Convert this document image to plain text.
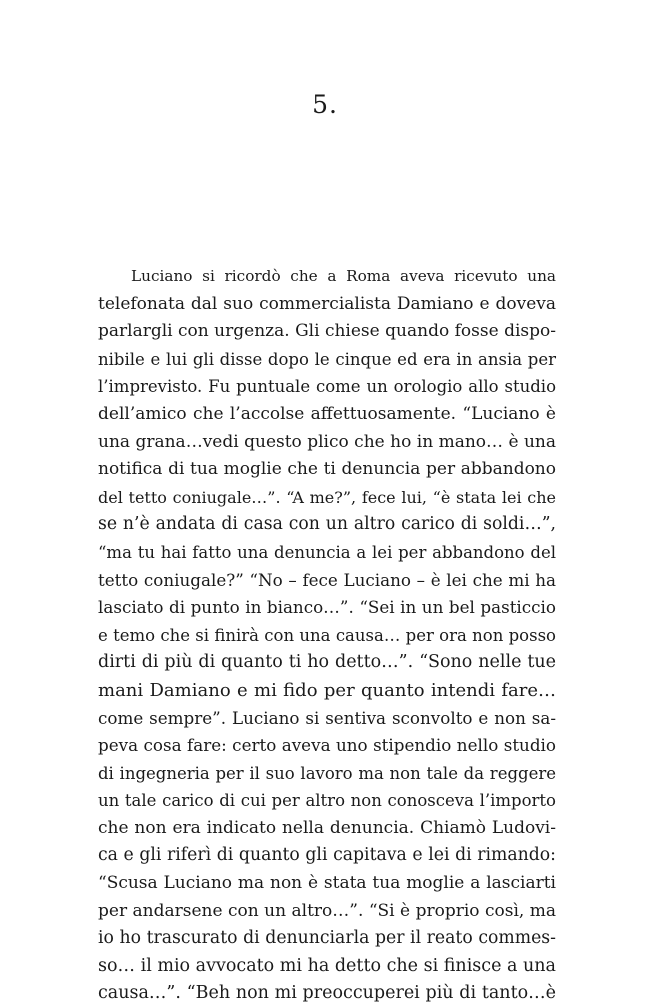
5.
Luciano si ricordò che a Roma aveva ricevuto una
telefonata dal suo commercialista Damiano e doveva
parlargli con urgenza. Gli chiese quando fosse dispo-
nibile e lui gli disse dopo le cinque ed era in ansia per
l’imprevisto. Fu puntuale come un orologio allo studio
dell’amico che l’accolse affettuosamente. “Luciano è
una grana…vedi questo plico che ho in mano… è una
notifica di tua moglie che ti denuncia per abbandono
del tetto coniugale…”. “A me?”, fece lui, “è stata lei che
se n’è andata di casa con un altro carico di soldi…”,
“ma tu hai fatto una denuncia a lei per abbandono del
tetto coniugale?” “No – fece Luciano – è lei che mi ha
lasciato di punto in bianco…”. “Sei in un bel pasticcio
e temo che si finirà con una causa… per ora non posso
dirti di più di quanto ti ho detto…”. “Sono nelle tue
mani Damiano e mi fido per quanto intendi fare…
come sempre”. Luciano si sentiva sconvolto e non sa-
peva cosa fare: certo aveva uno stipendio nello studio
di ingegneria per il suo lavoro ma non tale da reggere
un tale carico di cui per altro non conosceva l’importo
che non era indicato nella denuncia. Chiamò Ludovi-
ca e gli riferì di quanto gli capitava e lei di rimando:
“Scusa Luciano ma non è stata tua moglie a lasciarti
per andarsene con un altro…”. “Si è proprio così, ma
io ho trascurato di denunciarla per il reato commes-
so… il mio avvocato mi ha detto che si finisce a una
causa…”. “Beh non mi preoccuperei più di tanto…è
